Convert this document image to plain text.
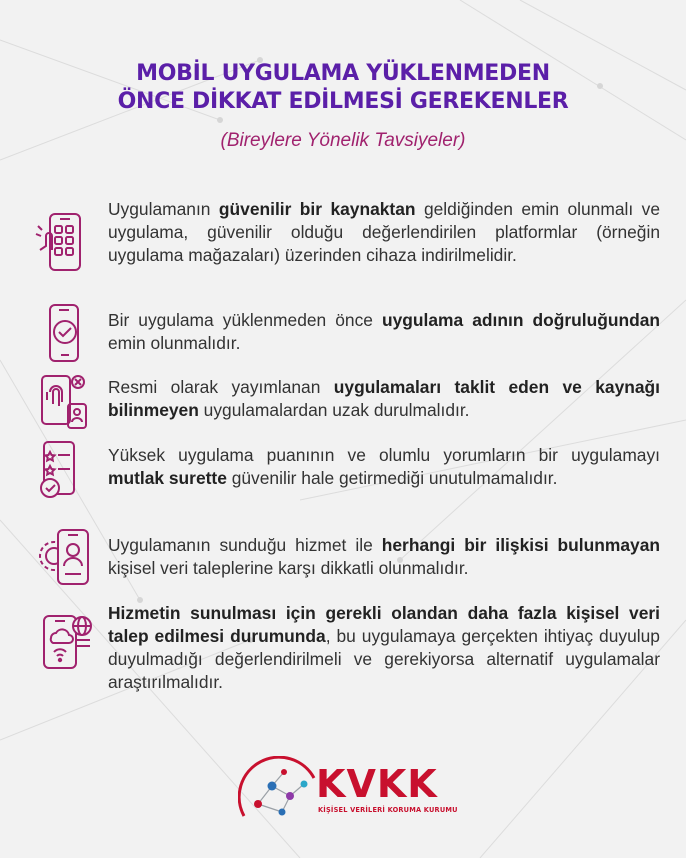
MOBİL UYGULAMA YÜKLENMEDEN
ÖNCE DİKKAT EDİLMESİ GEREKENLER
(Bireylere Yönelik Tavsiyeler)
Uygulamanın güvenilir bir kaynaktan geldiğinden emin olunmalı ve uygulama, güvenilir olduğu değerlendirilen platformlar (örneğin uygulama mağazaları) üzerinden cihaza indirilmelidir.
Bir uygulama yüklenmeden önce uygulama adının doğruluğundan emin olunmalıdır.
Resmi olarak yayımlanan uygulamaları taklit eden ve kaynağı bilinmeyen uygulamalardan uzak durulmalıdır.
Yüksek uygulama puanının ve olumlu yorumların bir uygulamayı mutlak surette güvenilir hale getirmediği unutulmamalıdır.
Uygulamanın sunduğu hizmet ile herhangi bir ilişkisi bulunmayan kişisel veri taleplerine karşı dikkatli olunmalıdır.
Hizmetin sunulması için gerekli olandan daha fazla kişisel veri talep edilmesi durumunda, bu uygulamaya gerçekten ihtiyaç duyulup duyulmadığı değerlendirilmeli ve gerekiyorsa alternatif uygulamalar araştırılmalıdır.
KVKK
KİŞİSEL VERİLERİ KORUMA KURUMU
